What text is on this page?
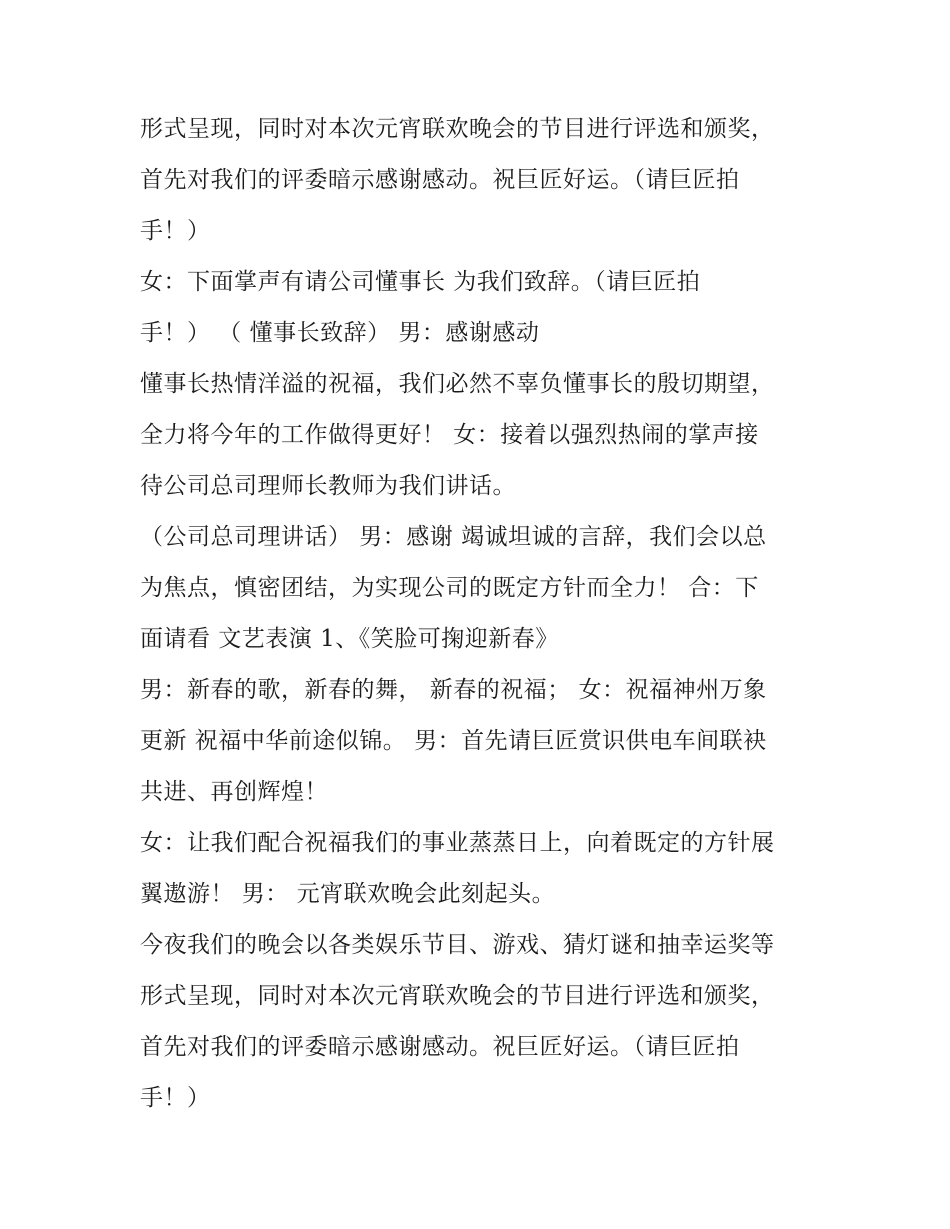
形式呈现，同时对本次元宵联欢晚会的节目进行评选和颁奖，
首先对我们的评委暗示感谢感动。祝巨匠好运。（请巨匠拍
手！）
女：下面掌声有请公司懂事长 为我们致辞。（请巨匠拍
手！） （ 懂事长致辞） 男：感谢感动
懂事长热情洋溢的祝福，我们必然不辜负懂事长的殷切期望，
全力将今年的工作做得更好！ 女：接着以强烈热闹的掌声接
待公司总司理师长教师为我们讲话。
（公司总司理讲话） 男：感谢 竭诚坦诚的言辞，我们会以总
为焦点，慎密团结，为实现公司的既定方针而全力！ 合：下
面请看 文艺表演 1、《笑脸可掬迎新春》
男：新春的歌，新春的舞， 新春的祝福； 女：祝福神州万象
更新 祝福中华前途似锦。 男：首先请巨匠赏识供电车间联袂
共进、再创辉煌！
女：让我们配合祝福我们的事业蒸蒸日上，向着既定的方针展
翼遨游！ 男： 元宵联欢晚会此刻起头。
今夜我们的晚会以各类娱乐节目、游戏、猜灯谜和抽幸运奖等
形式呈现，同时对本次元宵联欢晚会的节目进行评选和颁奖，
首先对我们的评委暗示感谢感动。祝巨匠好运。（请巨匠拍
手！）
